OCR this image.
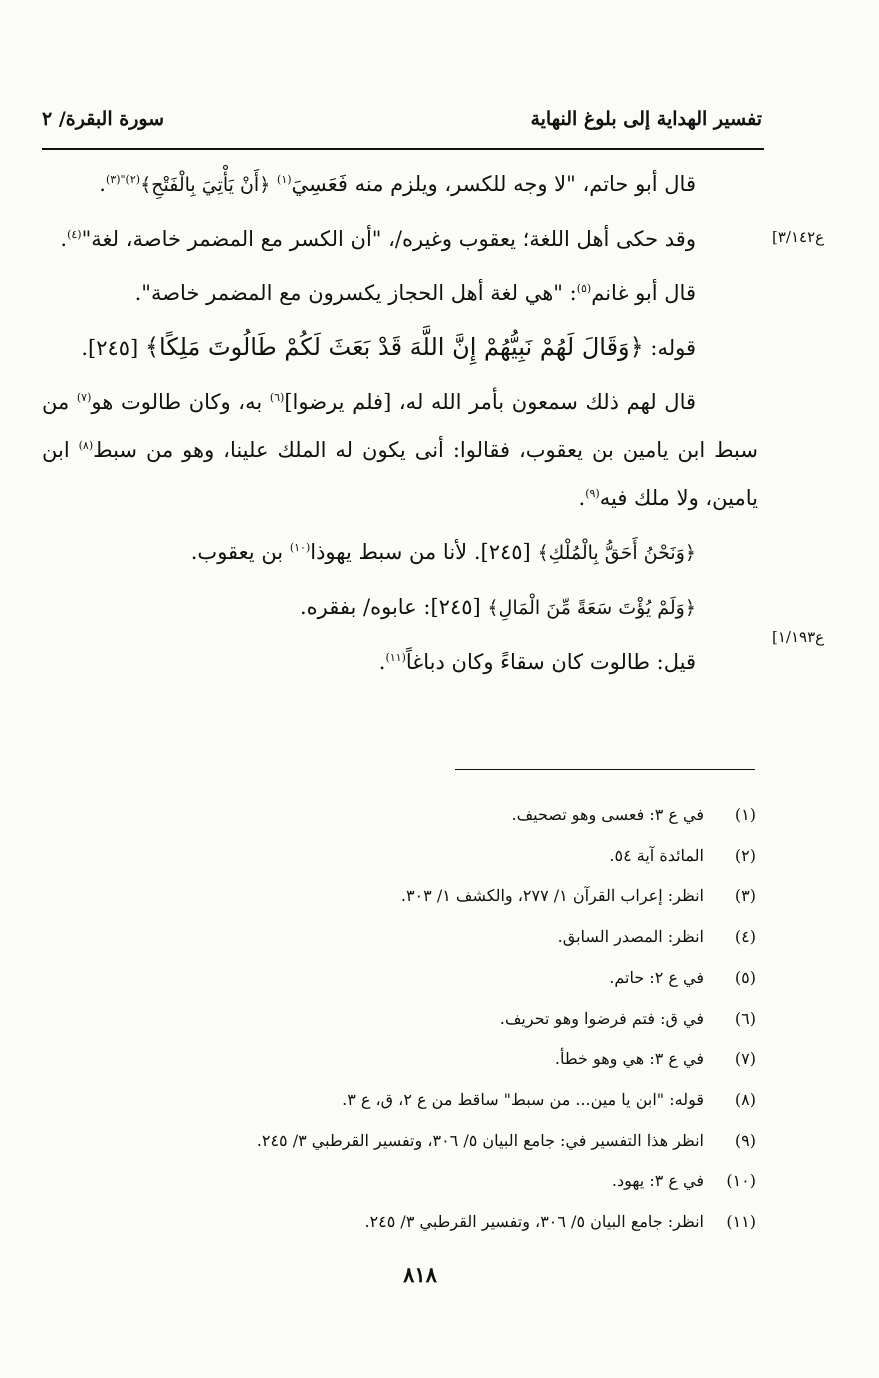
تفسير الهداية إلى بلوغ النهاية
سورة البقرة/ ٢
[ع٣/١٤٢
[ع١/١٩٣

قال أبو حاتم، "لا وجه للكسر، ويلزم منه فَعَسِيَ$^{(١)}$ ﴿أَنْ يَأْتِيَ بِالْفَتْحِ﴾$^{(٢)"(٣)}$.

وقد حكى أهل اللغة؛ يعقوب وغيره/، "أن الكسر مع المضمر خاصة، لغة"$^{(٤)}$.

قال أبو غانم$^{(٥)}$: "هي لغة أهل الحجاز يكسرون مع المضمر خاصة".

قوله: ﴿وَقَالَ لَهُمْ نَبِيُّهُمْ إِنَّ اللَّهَ قَدْ بَعَثَ لَكُمْ طَالُوتَ مَلِكًا﴾ [٢٤٥].

قال لهم ذلك سمعون بأمر الله له، [فلم يرضوا]$^{(٦)}$ به، وكان طالوت هو$^{(٧)}$ من سبط ابن يامين بن يعقوب، فقالوا: أنى يكون له الملك علينا، وهو من سبط$^{(٨)}$ ابن يامين، ولا ملك فيه$^{(٩)}$.

﴿وَنَحْنُ أَحَقُّ بِالْمُلْكِ﴾ [٢٤٥]. لأنا من سبط يهوذا$^{(١٠)}$ بن يعقوب.

﴿وَلَمْ يُؤْتَ سَعَةً مِّنَ الْمَالِ﴾ [٢٤٥]: عابوه/ بفقره.

قيل: طالوت كان سقاءً وكان دباغاً$^{(١١)}$.

(١)
في ع ٣: فعسى وهو تصحيف.
(٢)
المائدة آية ٥٤.
(٣)
انظر: إعراب القرآن ١/ ٢٧٧، والكشف ١/ ٣٠٣.
(٤)
انظر: المصدر السابق.
(٥)
في ع ٢: حاتم.
(٦)
في ق: فتم فرضوا وهو تحريف.
(٧)
في ع ٣: هي وهو خطأ.
(٨)
قوله: "ابن يا مين... من سبط" ساقط من ع ٢، ق، ع ٣.
(٩)
انظر هذا التفسير في: جامع البيان ٥/ ٣٠٦، وتفسير القرطبي ٣/ ٢٤٥.
(١٠)
في ع ٣: يهود.
(١١)
انظر: جامع البيان ٥/ ٣٠٦، وتفسير القرطبي ٣/ ٢٤٥.
٨١٨
